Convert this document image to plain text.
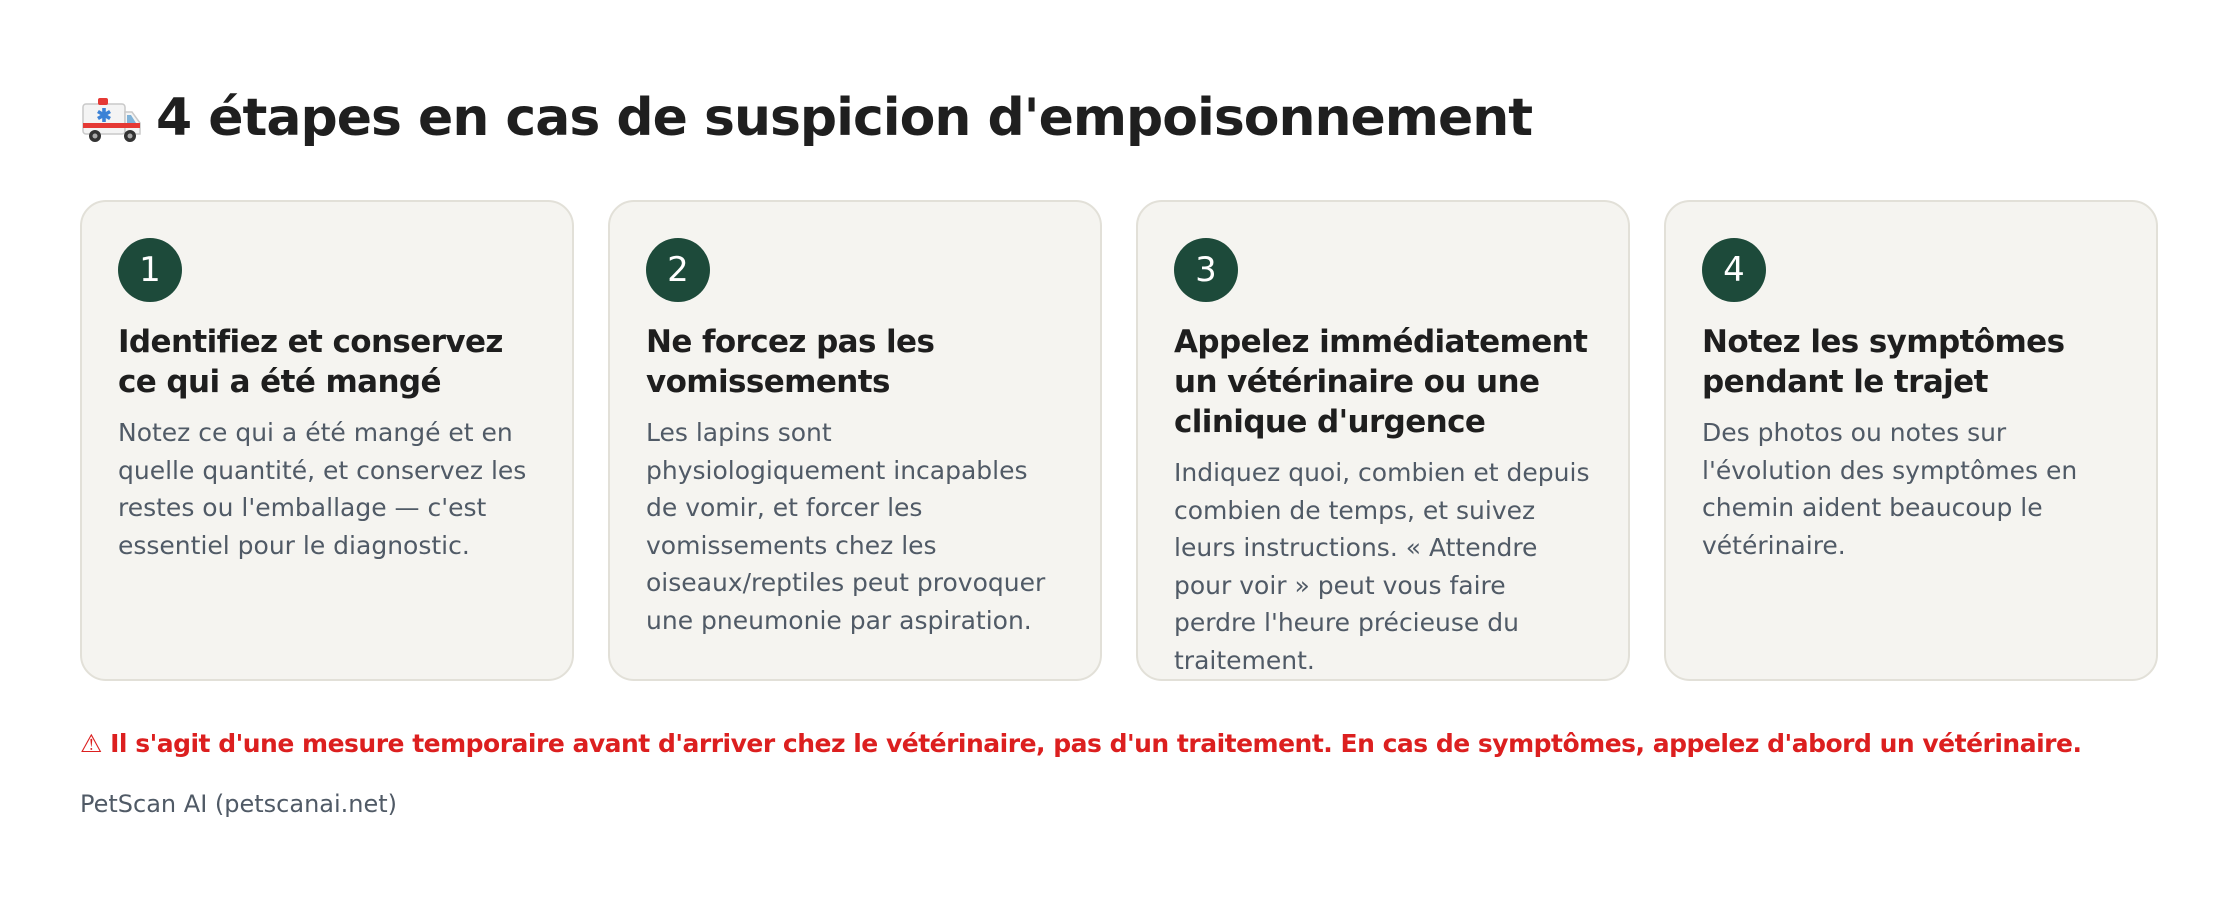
4 étapes en cas de suspicion d'empoisonnement
1
Identifiez et conservez ce qui a été mangé

Notez ce qui a été mangé et en quelle quantité, et conservez les restes ou l'emballage — c'est essentiel pour le diagnostic.

2
Ne forcez pas les vomissements

Les lapins sont physiologiquement incapables de vomir, et forcer les vomissements chez les oiseaux/reptiles peut provoquer une pneumonie par aspiration.

3
Appelez immédiatement un vétérinaire ou une clinique d'urgence

Indiquez quoi, combien et depuis combien de temps, et suivez leurs instructions. « Attendre pour voir » peut vous faire perdre l'heure précieuse du traitement.

4
Notez les symptômes pendant le trajet

Des photos ou notes sur l'évolution des symptômes en chemin aident beaucoup le vétérinaire.

⚠ Il s'agit d'une mesure temporaire avant d'arriver chez le vétérinaire, pas d'un traitement. En cas de symptômes, appelez d'abord un vétérinaire.
PetScan AI (petscanai.net)
